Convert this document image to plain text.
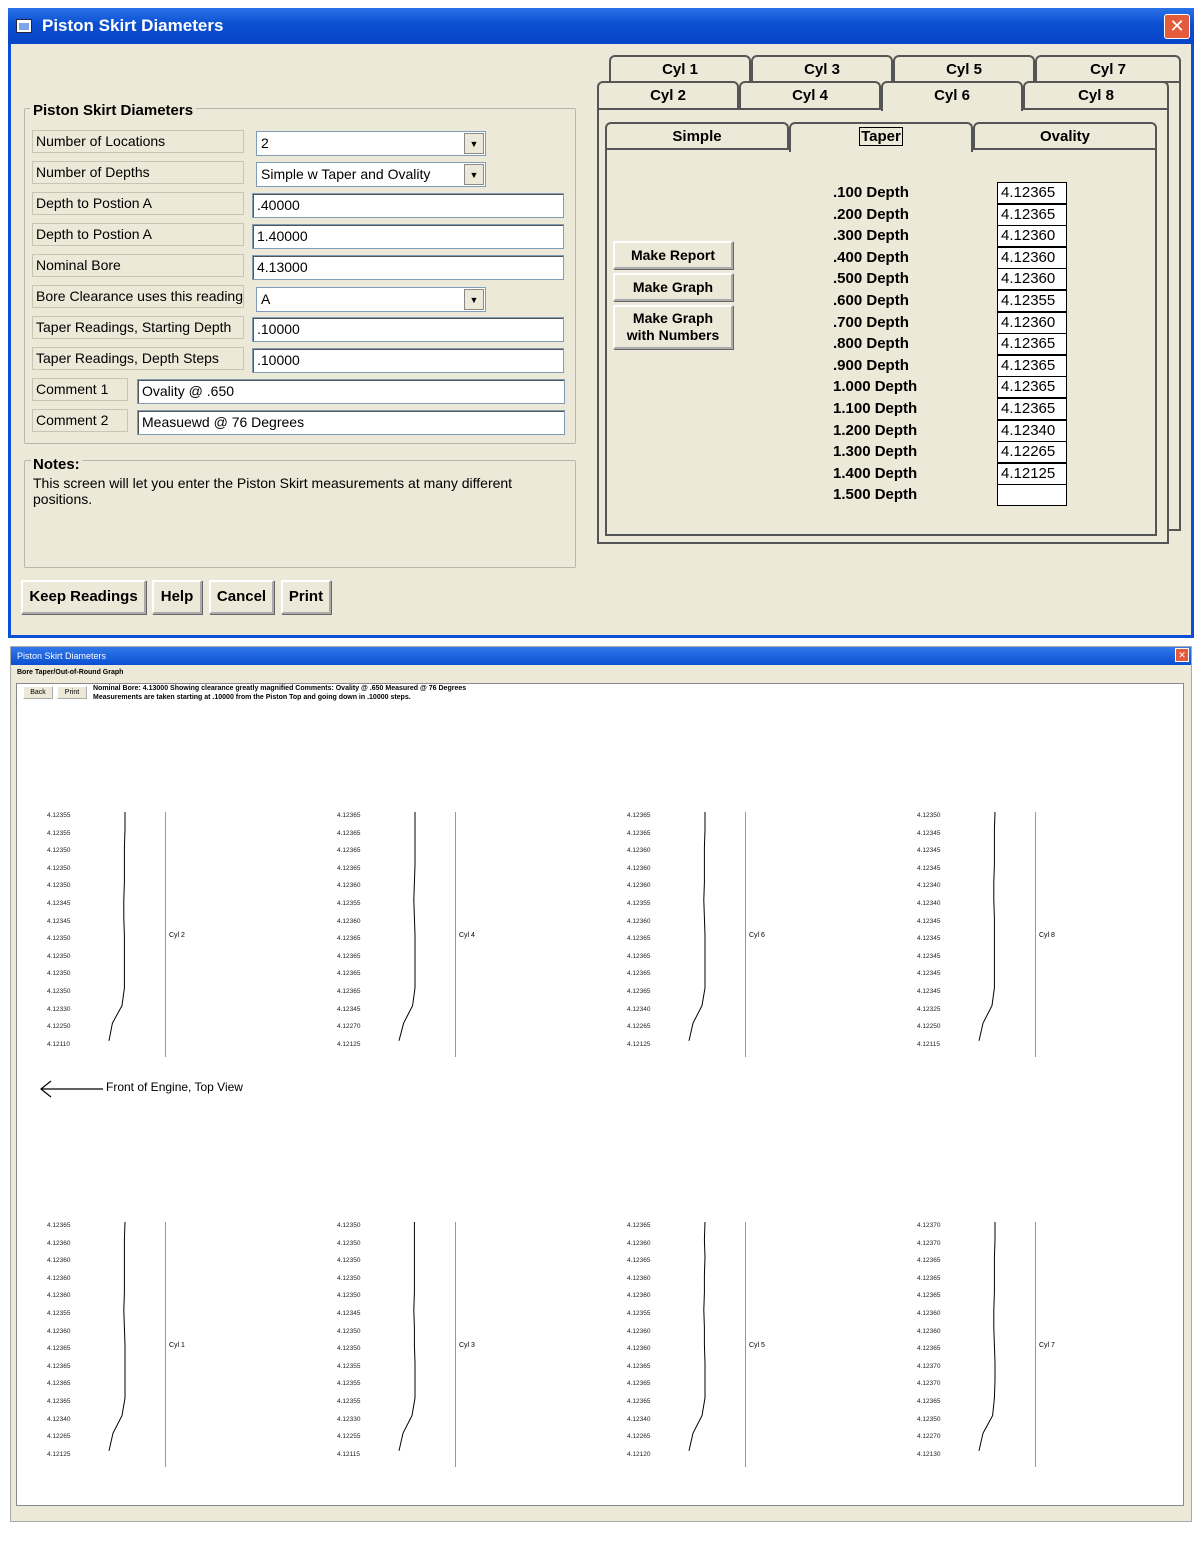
Piston Skirt Diameters	✕
Piston Skirt Diameters
Number of Locations	2	▼
Number of Depths	Simple w Taper and Ovality	▼
Depth to Postion A	.40000
Depth to Postion A	1.40000
Nominal Bore	4.13000
Bore Clearance uses this reading	A	▼
Taper Readings, Starting Depth	.10000
Taper Readings, Depth Steps	.10000
Comment 1	Ovality @ .650
Comment 2	Measuewd @ 76 Degrees
Notes:
This screen will let you enter the Piston Skirt measurements at many different positions.
Keep Readings	Help	Cancel	Print
Cyl 1	Cyl 3	Cyl 5	Cyl 7
Cyl 2	Cyl 4	Cyl 6	Cyl 8
Simple	Taper	Ovality
Make Report
Make Graph
Make Graph
with Numbers
.100 Depth	4.12365
.200 Depth	4.12365
.300 Depth	4.12360
.400 Depth	4.12360
.500 Depth	4.12360
.600 Depth	4.12355
.700 Depth	4.12360
.800 Depth	4.12365
.900 Depth	4.12365
1.000 Depth	4.12365
1.100 Depth	4.12365
1.200 Depth	4.12340
1.300 Depth	4.12265
1.400 Depth	4.12125
1.500 Depth
Piston Skirt Diameters	✕
Bore Taper/Out-of-Round Graph
Back	Print
Nominal Bore: 4.13000 Showing clearance greatly magnified Comments: Ovality @ .650 Measured @ 76 Degrees
Measurements are taken starting at .10000 from the Piston Top and going down in .10000 steps.
4.12355
4.12355
4.12350
4.12350
4.12350
4.12345
4.12345
4.12350
4.12350
4.12350
4.12350
4.12330
4.12250
4.12110
Cyl 2
4.12365
4.12365
4.12365
4.12365
4.12360
4.12355
4.12360
4.12365
4.12365
4.12365
4.12365
4.12345
4.12270
4.12125
Cyl 4
4.12365
4.12365
4.12360
4.12360
4.12360
4.12355
4.12360
4.12365
4.12365
4.12365
4.12365
4.12340
4.12265
4.12125
Cyl 6
4.12350
4.12345
4.12345
4.12345
4.12340
4.12340
4.12345
4.12345
4.12345
4.12345
4.12345
4.12325
4.12250
4.12115
Cyl 8
4.12365
4.12360
4.12360
4.12360
4.12360
4.12355
4.12360
4.12365
4.12365
4.12365
4.12365
4.12340
4.12265
4.12125
Cyl 1
4.12350
4.12350
4.12350
4.12350
4.12350
4.12345
4.12350
4.12350
4.12355
4.12355
4.12355
4.12330
4.12255
4.12115
Cyl 3
4.12365
4.12360
4.12365
4.12360
4.12360
4.12355
4.12360
4.12360
4.12365
4.12365
4.12365
4.12340
4.12265
4.12120
Cyl 5
4.12370
4.12370
4.12365
4.12365
4.12365
4.12360
4.12360
4.12365
4.12370
4.12370
4.12365
4.12350
4.12270
4.12130
Cyl 7
Front of Engine, Top View
